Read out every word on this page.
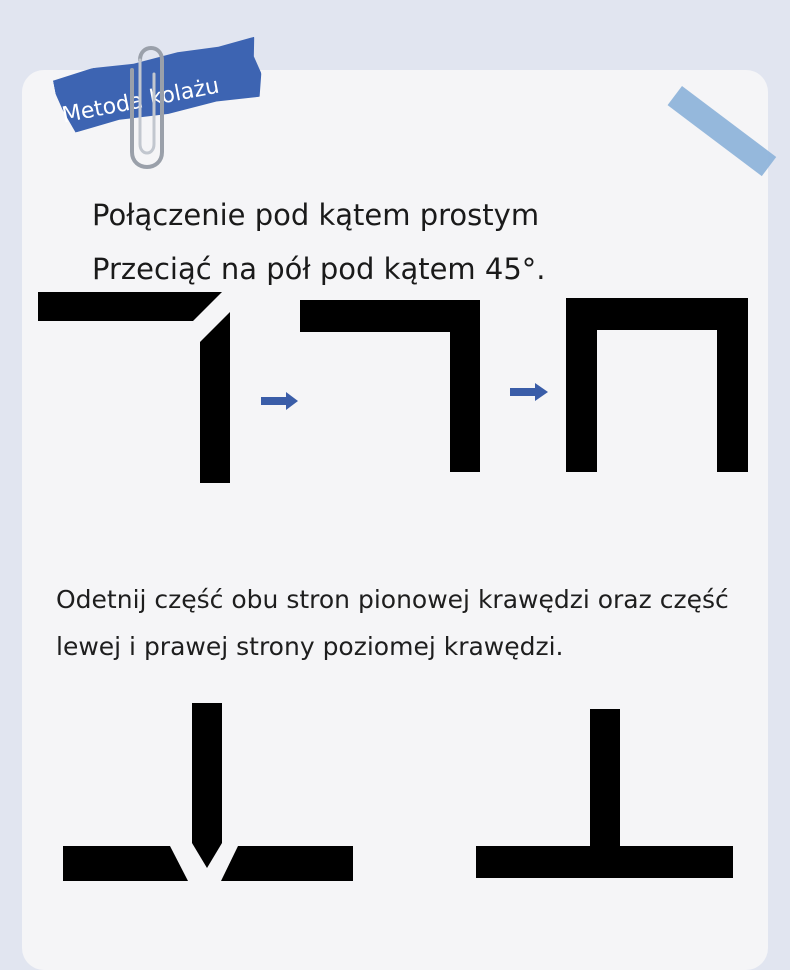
Metoda kolażu
Połączenie pod kątem prostym
Przeciąć na pół pod kątem 45°.
Odetnij część obu stron pionowej krawędzi oraz część
lewej i prawej strony poziomej krawędzi.
